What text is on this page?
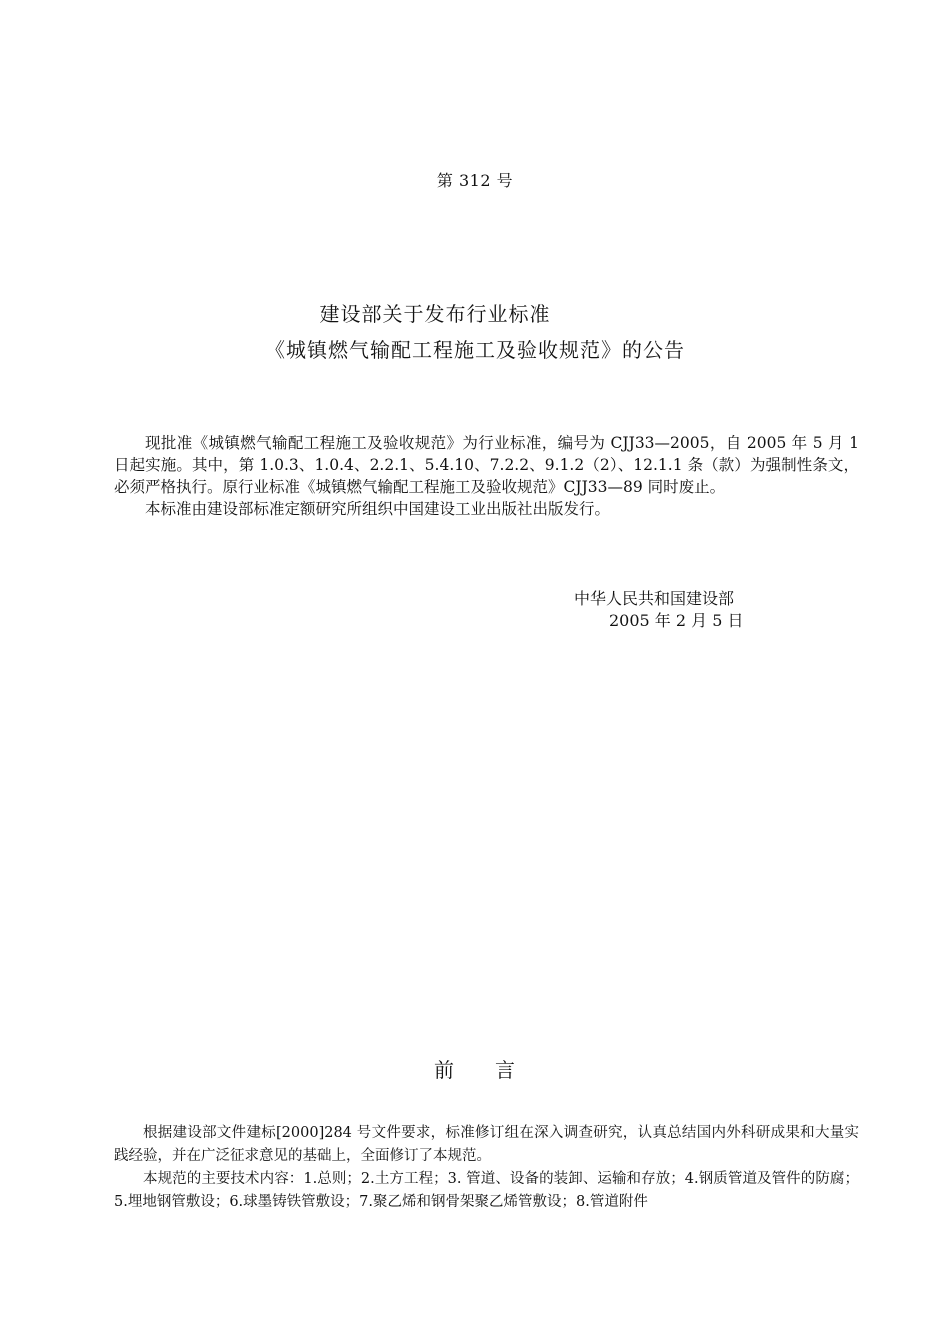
第 312 号
建设部关于发布行业标准
《城镇燃气输配工程施工及验收规范》的公告

现批准《城镇燃气输配工程施工及验收规范》为行业标准，编号为 CJJ33—2005，自 2005 年 5 月 1 日起实施。其中，第 1.0.3、1.0.4、2.2.1、5.4.10、7.2.2、9.1.2（2）、12.1.1 条（款）为强制性条文，必须严格执行。原行业标准《城镇燃气输配工程施工及验收规范》CJJ33—89 同时废止。

本标准由建设部标准定额研究所组织中国建设工业出版社出版发行。

中华人民共和国建设部
2005 年 2 月 5 日
前 言

根据建设部文件建标[2000]284 号文件要求，标准修订组在深入调查研究，认真总结国内外科研成果和大量实践经验，并在广泛征求意见的基础上，全面修订了本规范。

本规范的主要技术内容：1.总则；2.土方工程；3. 管道、设备的装卸、运输和存放；4.钢质管道及管件的防腐； 5.埋地钢管敷设；6.球墨铸铁管敷设；7.聚乙烯和钢骨架聚乙烯管敷设；8.管道附件
